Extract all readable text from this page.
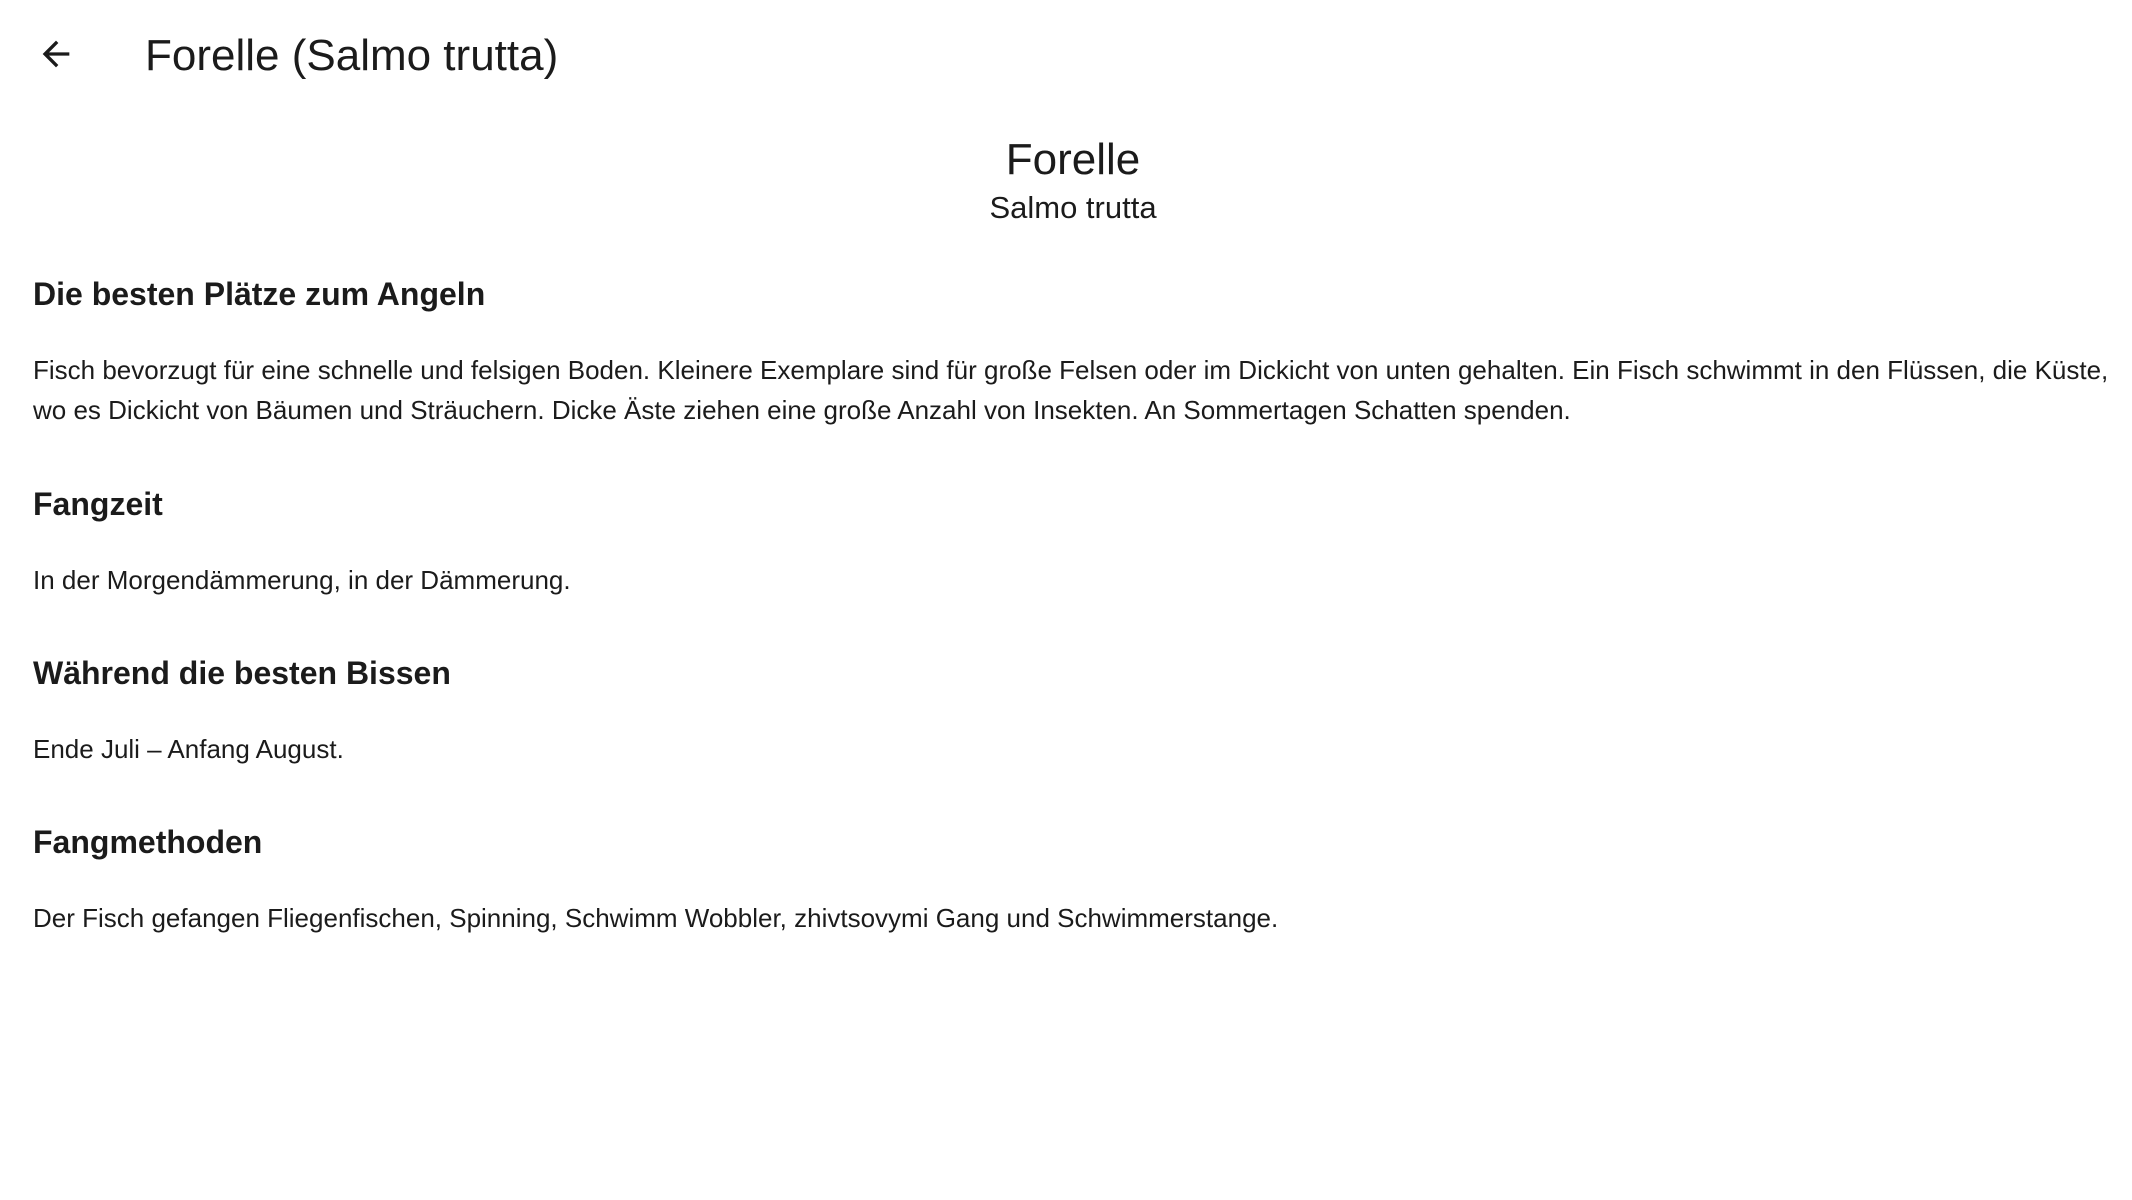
Forelle (Salmo trutta)
Forelle
Salmo trutta
Die besten Plätze zum Angeln

Fisch bevorzugt für eine schnelle und felsigen Boden. Kleinere Exemplare sind für große Felsen oder im Dickicht von unten gehalten. Ein Fisch schwimmt in den Flüssen, die Küste, wo es Dickicht von Bäumen und Sträuchern. Dicke Äste ziehen eine große Anzahl von Insekten. An Sommertagen Schatten spenden.

Fangzeit

In der Morgendämmerung, in der Dämmerung.

Während die besten Bissen

Ende Juli – Anfang August.

Fangmethoden

Der Fisch gefangen Fliegenfischen, Spinning, Schwimm Wobbler, zhivtsovymi Gang und Schwimmerstange.
